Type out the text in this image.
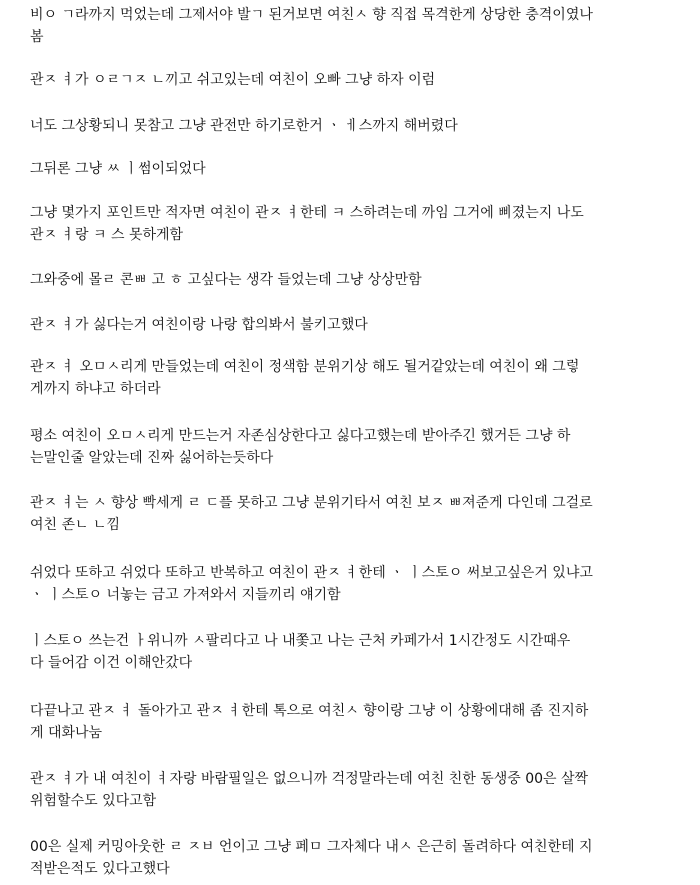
비ㅇ ㄱ라까지 먹었는데 그제서야 발ㄱ 된거보면 여친ㅅ 향 직접 목격한게 상당한 충격이였나
봄

관ㅈ ㅕ가 ㅇㄹㄱㅈ ㄴ끼고 쉬고있는데 여친이 오빠 그냥 하자 이럼

너도 그상황되니 못참고 그냥 관전만 하기로한거 ㆍ ㅔ스까지 해버렸다

그뒤론 그냥 ㅆ ㅣ썸이되었다

그냥 몇가지 포인트만 적자면 여친이 관ㅈ ㅕ한테 ㅋ 스하려는데 까임 그거에 삐졌는지 나도
관ㅈ ㅕ랑 ㅋ 스 못하게함

그와중에 몰ㄹ 콘ㅃ 고 ㅎ 고싶다는 생각 들었는데 그냥 상상만함

관ㅈ ㅕ가 싫다는거 여친이랑 나랑 합의봐서 불키고했다

관ㅈ ㅕ 오ㅁㅅ리게 만들었는데 여친이 정색함 분위기상 해도 될거같았는데 여친이 왜 그렇
게까지 하냐고 하더라

평소 여친이 오ㅁㅅ리게 만드는거 자존심상한다고 싫다고했는데 받아주긴 했거든 그냥 하
는말인줄 알았는데 진짜 싫어하는듯하다

관ㅈ ㅕ는 ㅅ 향상 빡세게 ㄹ ㄷ플 못하고 그냥 분위기타서 여친 보ㅈ ㅃ져준게 다인데 그걸로
여친 존ㄴ ㄴ낌

쉬었다 또하고 쉬었다 또하고 반복하고 여친이 관ㅈ ㅕ한테 ㆍ ㅣ스토ㅇ 써보고싶은거 있냐고
ㆍ ㅣ스토ㅇ 너놓는 금고 가져와서 지들끼리 얘기함

ㅣ스토ㅇ 쓰는건 ㅏ위니까 ㅅ팔리다고 나 내쫓고 나는 근처 카페가서 1시간정도 시간때우
다 들어감 이건 이해안갔다

다끝나고 관ㅈ ㅕ 돌아가고 관ㅈ ㅕ한테 톡으로 여친ㅅ 향이랑 그냥 이 상황에대해 좀 진지하
게 대화나눔

관ㅈ ㅕ가 내 여친이 ㅕ자랑 바람필일은 없으니까 걱정말라는데 여친 친한 동생중 00은 살짝
위험할수도 있다고함

00은 실제 커밍아웃한 ㄹ ㅈㅂ 언이고 그냥 페ㅁ 그자체다 내ㅅ 은근히 돌려하다 여친한테 지
적받은적도 있다고했다
